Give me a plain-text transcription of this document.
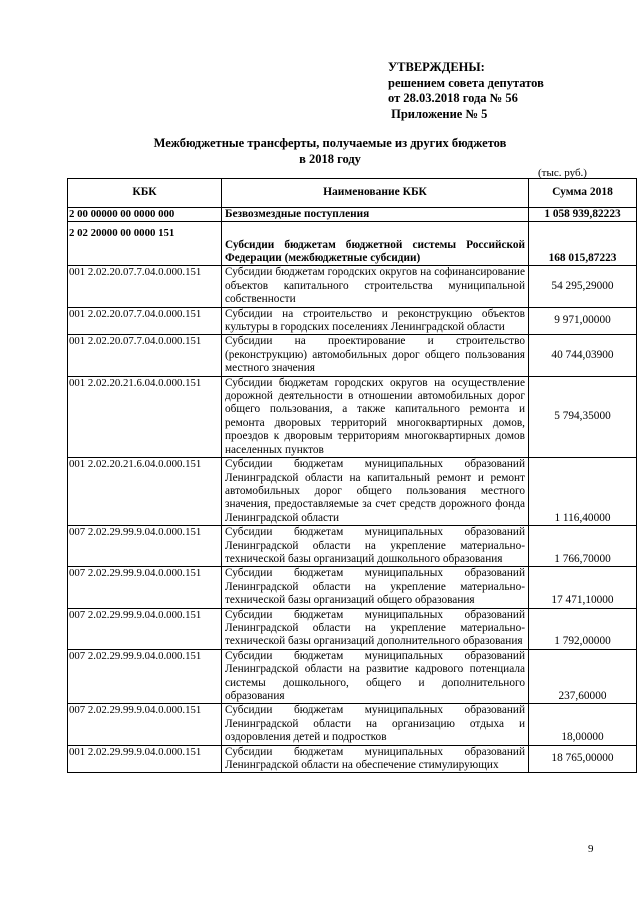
УТВЕРЖДЕНЫ:
решением совета депутатов
от 28.03.2018 года № 56
Приложение № 5
Межбюджетные трансферты, получаемые из других бюджетов
в 2018 году
(тыс. руб.)
КБК	Наименование КБК	Сумма 2018
2 00 00000 00 0000 000	Безвозмездные поступления	1 058 939,82223
2 02 20000 00 0000 151	Субсидии бюджетам бюджетной системы Российской Федерации (межбюджетные субсидии)	168 015,87223
001 2.02.20.07.7.04.0.000.151	Субсидии бюджетам городских округов на софинансирование объектов капитального строительства муниципальной собственности	54 295,29000
001 2.02.20.07.7.04.0.000.151	Субсидии на строительство и реконструкцию объектов культуры в городских поселениях Ленинградской области	9 971,00000
001 2.02.20.07.7.04.0.000.151	Субсидии на проектирование и строительство (реконструкцию) автомобильных дорог общего пользования местного значения	40 744,03900
001 2.02.20.21.6.04.0.000.151	Субсидии бюджетам городских округов на осуществление дорожной деятельности в отношении автомобильных дорог общего пользования, а также капитального ремонта и ремонта дворовых территорий многоквартирных домов, проездов к дворовым территориям многоквартирных домов населенных пунктов	5 794,35000
001 2.02.20.21.6.04.0.000.151	Субсидии бюджетам муниципальных образований Ленинградской области на капитальный ремонт и ремонт автомобильных дорог общего пользования местного значения, предоставляемые за счет средств дорожного фонда Ленинградской области	1 116,40000
007 2.02.29.99.9.04.0.000.151	Субсидии бюджетам муниципальных образований Ленинградской области на укрепление материально-технической базы организаций дошкольного образования	1 766,70000
007 2.02.29.99.9.04.0.000.151	Субсидии бюджетам муниципальных образований Ленинградской области на укрепление материально-технической базы организаций общего образования	17 471,10000
007 2.02.29.99.9.04.0.000.151	Субсидии бюджетам муниципальных образований Ленинградской области на укрепление материально-технической базы организаций дополнительного образования	1 792,00000
007 2.02.29.99.9.04.0.000.151	Субсидии бюджетам муниципальных образований Ленинградской области на развитие кадрового потенциала системы дошкольного, общего и дополнительного образования	237,60000
007 2.02.29.99.9.04.0.000.151	Субсидии бюджетам муниципальных образований Ленинградской области на организацию отдыха и оздоровления детей и подростков	18,00000
001 2.02.29.99.9.04.0.000.151	Субсидии бюджетам муниципальных образований Ленинградской области на обеспечение стимулирующих	18 765,00000
9
